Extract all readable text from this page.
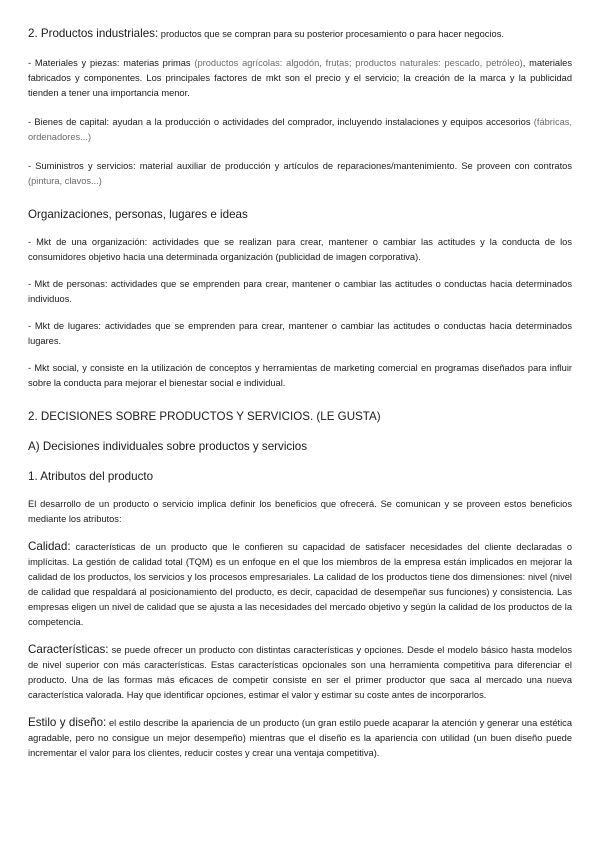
2. Productos industriales: productos que se compran para su posterior procesamiento o para hacer negocios.

- Materiales y piezas: materias primas (productos agrícolas: algodón, frutas; productos naturales: pescado, petróleo), materiales fabricados y componentes. Los principales factores de mkt son el precio y el servicio; la creación de la marca y la publicidad tienden a tener una importancia menor.

- Bienes de capital: ayudan a la producción o actividades del comprador, incluyendo instalaciones y equipos accesorios (fábricas, ordenadores...)

- Suministros y servicios: material auxiliar de producción y artículos de reparaciones/mantenimiento. Se proveen con contratos (pintura, clavos...)

Organizaciones, personas, lugares e ideas

- Mkt de una organización: actividades que se realizan para crear, mantener o cambiar las actitudes y la conducta de los consumidores objetivo hacia una determinada organización (publicidad de imagen corporativa).

- Mkt de personas: actividades que se emprenden para crear, mantener o cambiar las actitudes o conductas hacia determinados individuos.

- Mkt de lugares: actividades que se emprenden para crear, mantener o cambiar las actitudes o conductas hacia determinados lugares.

- Mkt social, y consiste en la utilización de conceptos y herramientas de marketing comercial en programas diseñados para influir sobre la conducta para mejorar el bienestar social e individual.

2. DECISIONES SOBRE PRODUCTOS Y SERVICIOS. (LE GUSTA)

A) Decisiones individuales sobre productos y servicios

1. Atributos del producto

El desarrollo de un producto o servicio implica definir los beneficios que ofrecerá. Se comunican y se proveen estos beneficios mediante los atributos:

Calidad: características de un producto que le confieren su capacidad de satisfacer necesidades del cliente declaradas o implícitas. La gestión de calidad total (TQM) es un enfoque en el que los miembros de la empresa están implicados en mejorar la calidad de los productos, los servicios y los procesos empresariales. La calidad de los productos tiene dos dimensiones: nivel (nivel de calidad que respaldará al posicionamiento del producto, es decir, capacidad de desempeñar sus funciones) y consistencia. Las empresas eligen un nivel de calidad que se ajusta a las necesidades del mercado objetivo y según la calidad de los productos de la competencia.

Características: se puede ofrecer un producto con distintas características y opciones. Desde el modelo básico hasta modelos de nivel superior con más características. Estas características opcionales son una herramienta competitiva para diferenciar el producto. Una de las formas más eficaces de competir consiste en ser el primer productor que saca al mercado una nueva característica valorada. Hay que identificar opciones, estimar el valor y estimar su coste antes de incorporarlos.

Estilo y diseño: el estilo describe la apariencia de un producto (un gran estilo puede acaparar la atención y generar una estética agradable, pero no consigue un mejor desempeño) mientras que el diseño es la apariencia con utilidad (un buen diseño puede incrementar el valor para los clientes, reducir costes y crear una ventaja competitiva).
